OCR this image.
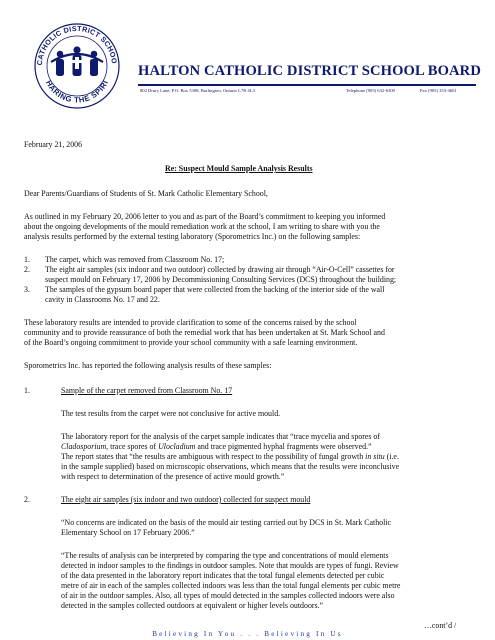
CATHOLIC DISTRICT SCHOO
HARING THE SPIRI
HALTON CATHOLIC DISTRICT SCHOOL BOARD
802 Drury Lane, P.O. Box 5308, Burlington, Ontario L7R 4L3	Telephone (905) 632-6300	Fax (905) 333-4661
February 21, 2006
Re: Suspect Mould Sample Analysis Results
Dear Parents/Guardians of Students of St. Mark Catholic Elementary School,
As outlined in my February 20, 2006 letter to you and as part of the Board’s commitment to keeping you informed
about the ongoing developments of the mould remediation work at the school, I am writing to share with you the
analysis results performed by the external testing laboratory (Sporometrics Inc.) on the following samples:
1. The carpet, which was removed from Classroom No. 17;
2. The eight air samples (six indoor and two outdoor) collected by drawing air through “Air-O-Cell” cassettes for
suspect mould on February 17, 2006 by Decommissioning Consulting Services (DCS) throughout the building;
3. The samples of the gypsum board paper that were collected from the backing of the interior side of the wall
cavity in Classrooms No. 17 and 22.
These laboratory results are intended to provide clarification to some of the concerns raised by the school
community and to provide reassurance of both the remedial work that has been undertaken at St. Mark School and
of the Board’s ongoing commitment to provide your school community with a safe learning environment.
Sporometrics Inc. has reported the following analysis results of these samples:
1.	Sample of the carpet removed from Classroom No. 17
The test results from the carpet were not conclusive for active mould.
The laboratory report for the analysis of the carpet sample indicates that “trace mycelia and spores of
Cladosporium, trace spores of Ulocladium and trace pigmented hyphal fragments were observed.”
The report states that “the results are ambiguous with respect to the possibility of fungal growth in situ (i.e.
in the sample supplied) based on microscopic observations, which means that the results were inconclusive
with respect to determination of the presence of active mould growth.”
2.	The eight air samples (six indoor and two outdoor) collected for suspect mould
“No concerns are indicated on the basis of the mould air testing carried out by DCS in St. Mark Catholic
Elementary School on 17 February 2006.”
“The results of analysis can be interpreted by comparing the type and concentrations of mould elements
detected in indoor samples to the findings in outdoor samples. Note that moulds are types of fungi. Review
of the data presented in the laboratory report indicates that the total fungal elements detected per cubic
metre of air in each of the samples collected indoors was less than the total fungal elements per cubic metre
of air in the outdoor samples. Also, all types of mould detected in the samples collected indoors were also
detected in the samples collected outdoors at equivalent or higher levels outdoors.”
…cont’d /
Believing In You . . . Believing In Us
